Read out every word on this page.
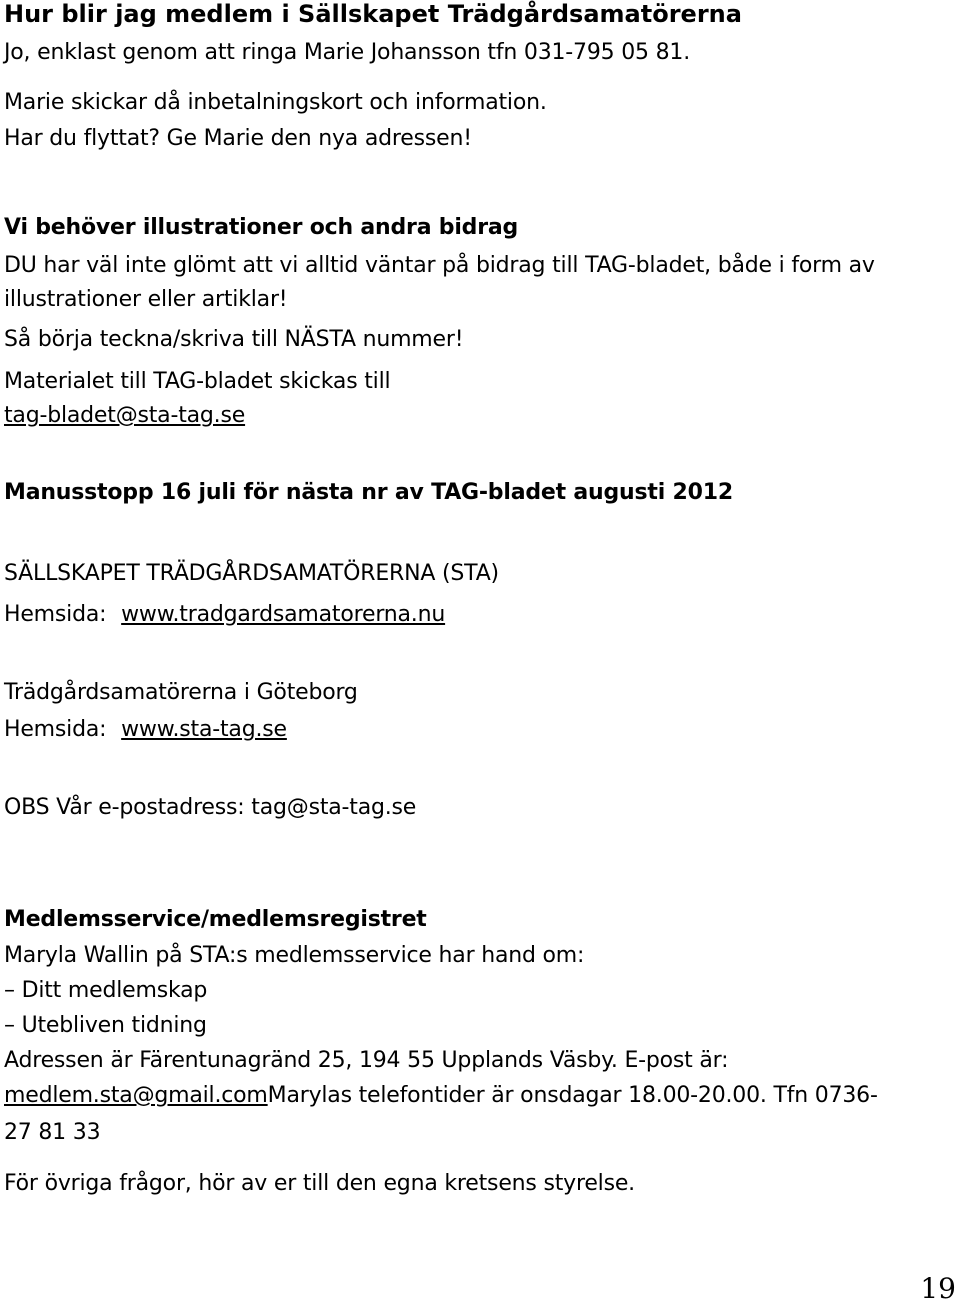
Hur blir jag medlem i Sällskapet Trädgårdsamatörerna
Jo, enklast genom att ringa Marie Johansson tfn 031-795 05 81.
Marie skickar då inbetalningskort och information.
Har du flyttat? Ge Marie den nya adressen!
Vi behöver illustrationer och andra bidrag
DU har väl inte glömt att vi alltid väntar på bidrag till TAG-bladet, både i form av
illustrationer eller artiklar!
Så börja teckna/skriva till NÄSTA nummer!
Materialet till TAG-bladet skickas till
tag-bladet@sta-tag.se
Manusstopp 16 juli för nästa nr av TAG-bladet augusti 2012
SÄLLSKAPET TRÄDGÅRDSAMATÖRERNA (STA)
Hemsida: www.tradgardsamatorerna.nu
Trädgårdsamatörerna i Göteborg
Hemsida: www.sta-tag.se
OBS Vår e-postadress: tag@sta-tag.se
Medlemsservice/medlemsregistret
Maryla Wallin på STA:s medlemsservice har hand om:
– Ditt medlemskap
– Utebliven tidning
Adressen är Färentunagränd 25, 194 55 Upplands Väsby. E-post är:
medlem.sta@gmail.comMarylas telefontider är onsdagar 18.00-20.00. Tfn 0736-
27 81 33
För övriga frågor, hör av er till den egna kretsens styrelse.
19
